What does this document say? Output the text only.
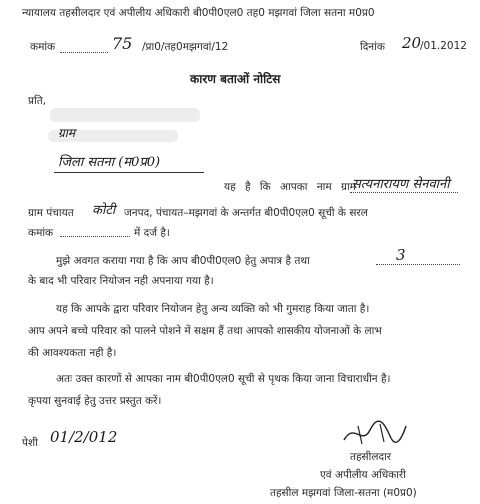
न्यायालय तहसीलदार एवं अपीलीय अधिकारी बी0पी0एल0 तह0 मझगवां जिला सतना म0प्र0
कमांक	75 /प्रा0/तह0मझगवां/12	दिनांक 20
/01.2012
कारण बताओं नोटिस
प्रति,
ग्राम
जिला सतना (म0प्र0)
यह है कि आपका नाम ग्राम
सत्यनारायण सेनवानी
ग्राम पंचायत कोटी जनपद, पंचायत–मझगवां के अन्तर्गत बी0पी0एल0 सूची के सरल
कमांक	में दर्ज है।
मुझे अवगत कराया गया है कि आप बी0पी0एल0 हेतु अपात्र है तथा	3
के बाद भी परिवार नियोजन नही अपनाया गया है।
यह कि आपके द्वारा परिवार नियोजन हेतु अन्य व्यक्ति को भी गुमराह किया जाता है।
आप अपने बच्चे परिवार को पालने पोशने में सक्षम हैं तथा आपको शासकीय योजनाओं के लाभ
की आवश्यकता नही है।
अतः उक्त कारणों से आपका नाम बी0पी0एल0 सूची से पृथक किया जाना विचाराधीन है।
कृपया सुनवाई हेतु उत्तर प्रस्तुत करें।
पेशी 01/2/012
तहसीलदार
एवं अपीलीय अधिकारी
तहसील मझगवां जिला-सतना (म0प्र0)
